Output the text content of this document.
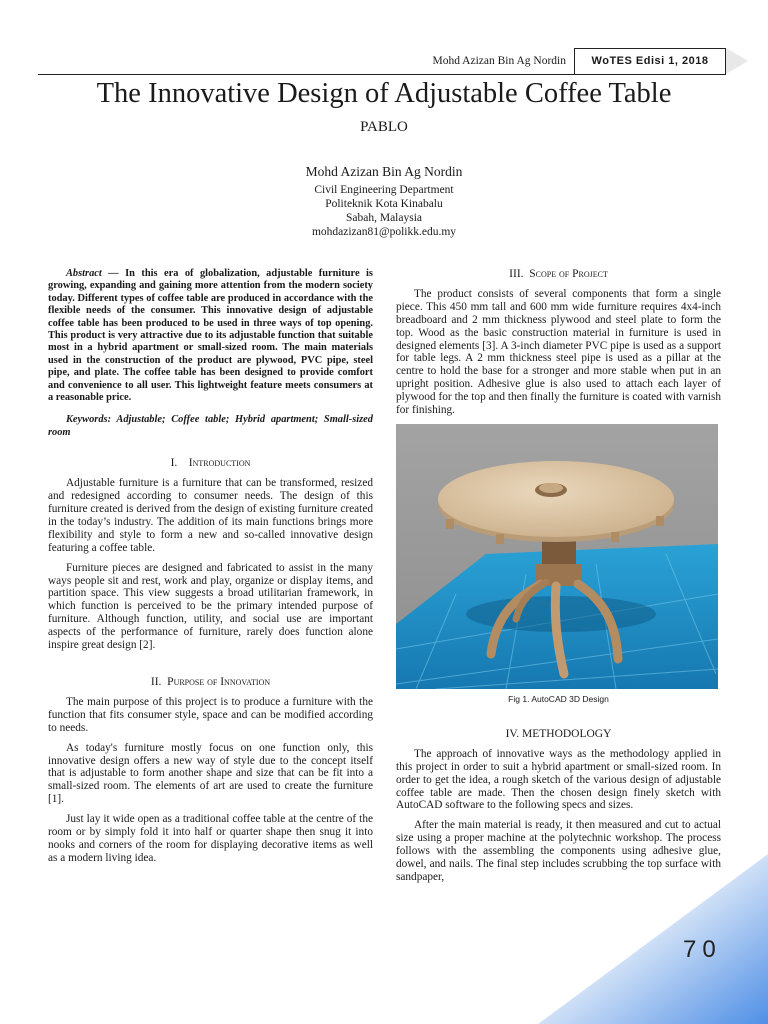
Mohd Azizan Bin Ag Nordin	WoTES Edisi 1, 2018
The Innovative Design of Adjustable Coffee Table
PABLO
Mohd Azizan Bin Ag Nordin
Civil Engineering Department
Politeknik Kota Kinabalu
Sabah, Malaysia
mohdazizan81@polikk.edu.my

Abstract — In this era of globalization, adjustable furniture is growing, expanding and gaining more attention from the modern society today. Different types of coffee table are produced in accordance with the flexible needs of the consumer. This innovative design of adjustable coffee table has been produced to be used in three ways of top opening. This product is very attractive due to its adjustable function that suitable most in a hybrid apartment or small-sized room. The main materials used in the construction of the product are plywood, PVC pipe, steel pipe, and plate. The coffee table has been designed to provide comfort and convenience to all user. This lightweight feature meets consumers at a reasonable price.

Keywords: Adjustable; Coffee table; Hybrid apartment; Small-sized room

I. Introduction

Adjustable furniture is a furniture that can be transformed, resized and redesigned according to consumer needs. The design of this furniture created is derived from the design of existing furniture created in the today’s industry. The addition of its main functions brings more flexibility and style to form a new and so-called innovative design featuring a coffee table.

Furniture pieces are designed and fabricated to assist in the many ways people sit and rest, work and play, organize or display items, and partition space. This view suggests a broad utilitarian framework, in which function is perceived to be the primary intended purpose of furniture. Although function, utility, and social use are important aspects of the performance of furniture, rarely does function alone inspire great design [2].

II. Purpose of Innovation

The main purpose of this project is to produce a furniture with the function that fits consumer style, space and can be modified according to needs.

As today's furniture mostly focus on one function only, this innovative design offers a new way of style due to the concept itself that is adjustable to form another shape and size that can be fit into a small-sized room. The elements of art are used to create the furniture [1].

Just lay it wide open as a traditional coffee table at the centre of the room or by simply fold it into half or quarter shape then snug it into nooks and corners of the room for displaying decorative items as well as a modern living idea.

III. Scope of Project

The product consists of several components that form a single piece. This 450 mm tall and 600 mm wide furniture requires 4x4-inch breadboard and 2 mm thickness plywood and steel plate to form the top. Wood as the basic construction material in furniture is used in designed elements [3]. A 3-inch diameter PVC pipe is used as a support for table legs. A 2 mm thickness steel pipe is used as a pillar at the centre to hold the base for a stronger and more stable when put in an upright position. Adhesive glue is also used to attach each layer of plywood for the top and then finally the furniture is coated with varnish for finishing.

Fig 1. AutoCAD 3D Design
IV. METHODOLOGY

The approach of innovative ways as the methodology applied in this project in order to suit a hybrid apartment or small-sized room. In order to get the idea, a rough sketch of the various design of adjustable coffee table are made. Then the chosen design finely sketch with AutoCAD software to the following specs and sizes.

After the main material is ready, it then measured and cut to actual size using a proper machine at the polytechnic workshop. The process follows with the assembling the components using adhesive glue, dowel, and nails. The final step includes scrubbing the top surface with sandpaper,

70
